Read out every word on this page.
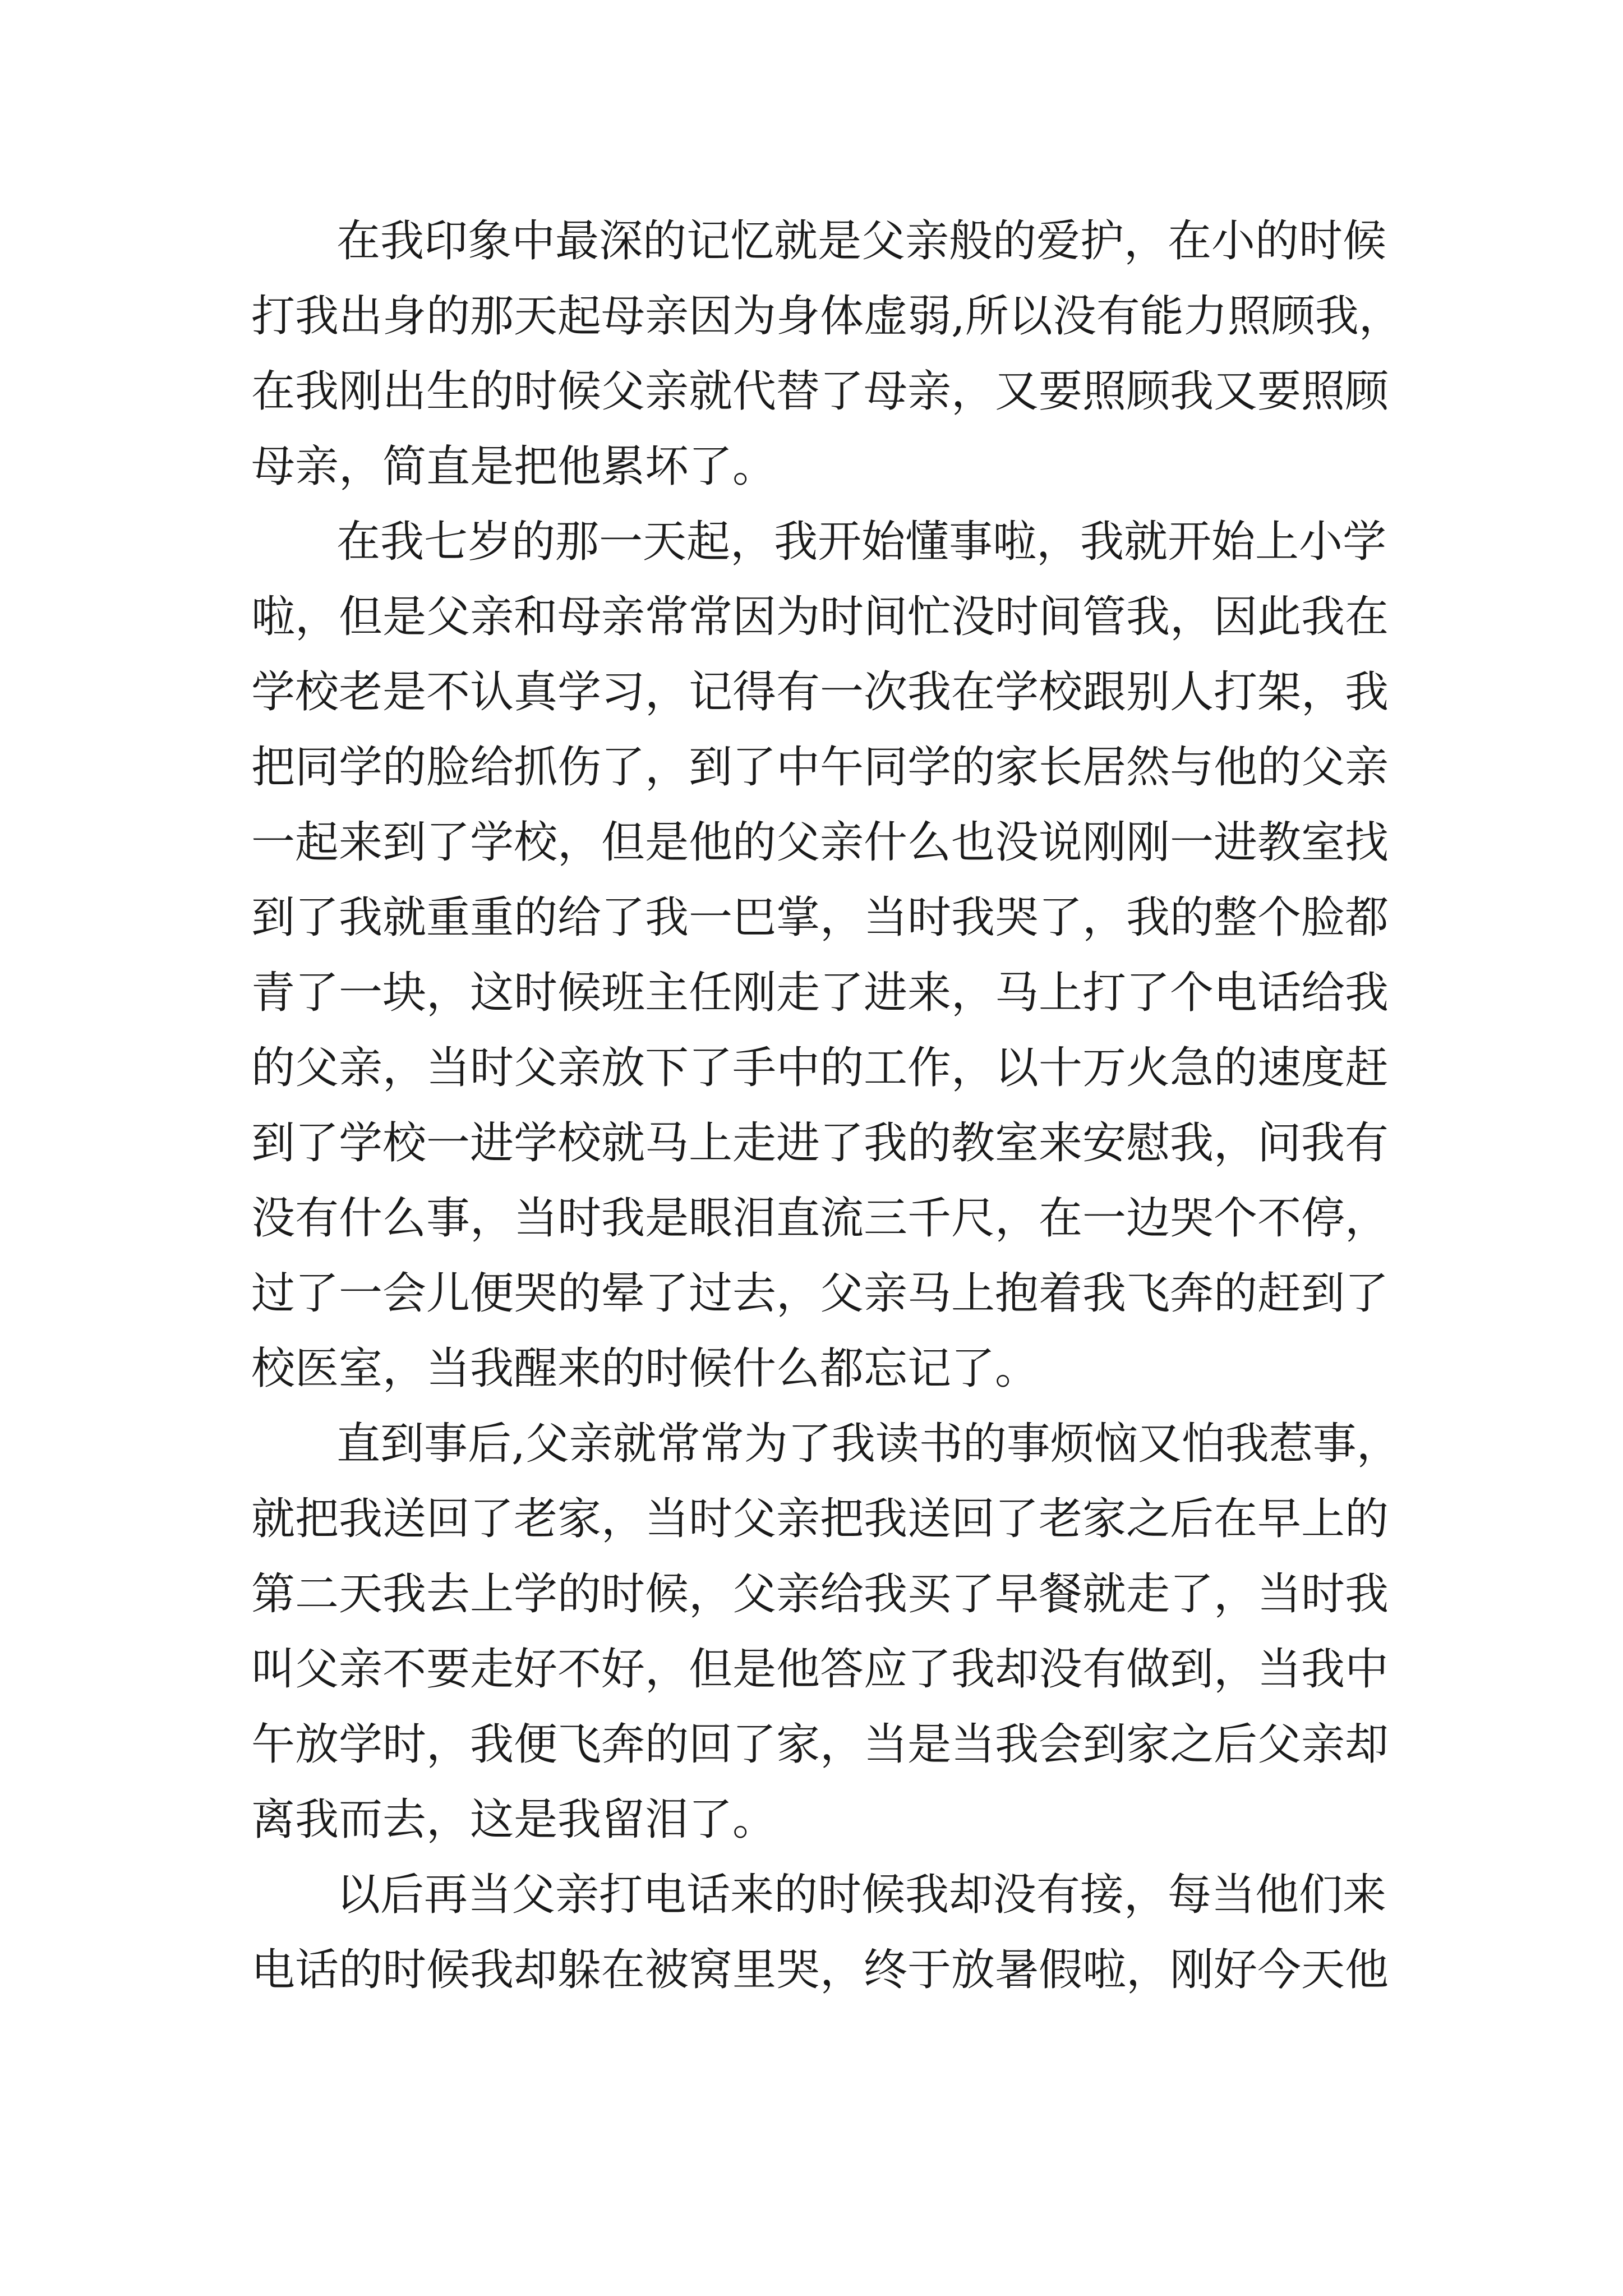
在我印象中最深的记忆就是父亲般的爱护，在小的时候

打我出身的那天起母亲因为身体虚弱,所以没有能力照顾我，

在我刚出生的时候父亲就代替了母亲，又要照顾我又要照顾

母亲，简直是把他累坏了。

在我七岁的那一天起，我开始懂事啦，我就开始上小学

啦，但是父亲和母亲常常因为时间忙没时间管我，因此我在

学校老是不认真学习，记得有一次我在学校跟别人打架，我

把同学的脸给抓伤了，到了中午同学的家长居然与他的父亲

一起来到了学校，但是他的父亲什么也没说刚刚一进教室找

到了我就重重的给了我一巴掌，当时我哭了，我的整个脸都

青了一块，这时候班主任刚走了进来，马上打了个电话给我

的父亲，当时父亲放下了手中的工作，以十万火急的速度赶

到了学校一进学校就马上走进了我的教室来安慰我，问我有

没有什么事，当时我是眼泪直流三千尺，在一边哭个不停，

过了一会儿便哭的晕了过去，父亲马上抱着我飞奔的赶到了

校医室，当我醒来的时候什么都忘记了。

直到事后,父亲就常常为了我读书的事烦恼又怕我惹事，

就把我送回了老家，当时父亲把我送回了老家之后在早上的

第二天我去上学的时候，父亲给我买了早餐就走了，当时我

叫父亲不要走好不好，但是他答应了我却没有做到，当我中

午放学时，我便飞奔的回了家，当是当我会到家之后父亲却

离我而去，这是我留泪了。

以后再当父亲打电话来的时候我却没有接，每当他们来

电话的时候我却躲在被窝里哭，终于放暑假啦，刚好今天他
